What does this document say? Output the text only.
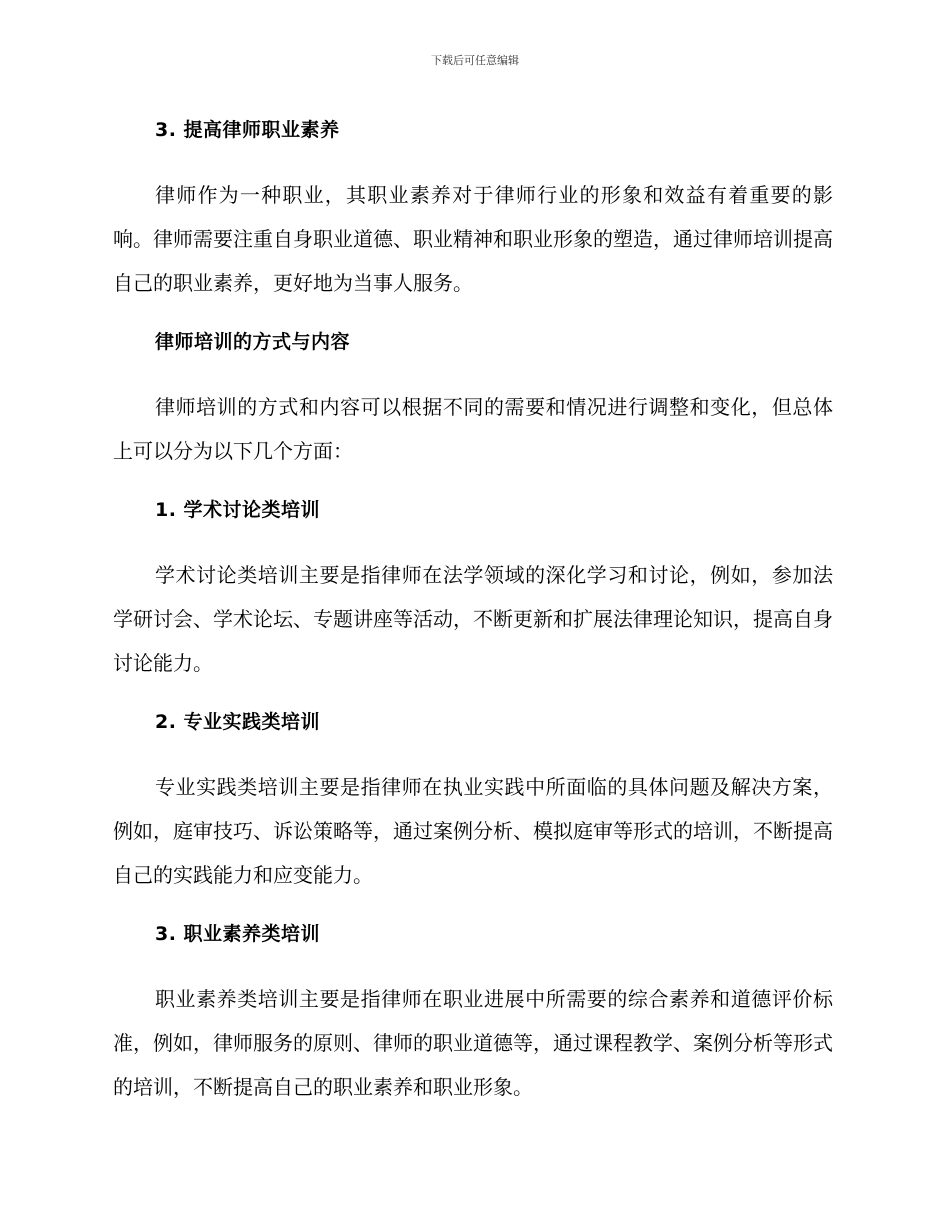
下载后可任意编辑
3. 提高律师职业素养

律师作为一种职业，其职业素养对于律师行业的形象和效益有着重要的影响。律师需要注重自身职业道德、职业精神和职业形象的塑造，通过律师培训提高自己的职业素养，更好地为当事人服务。

律师培训的方式与内容

律师培训的方式和内容可以根据不同的需要和情况进行调整和变化，但总体上可以分为以下几个方面：

1. 学术讨论类培训

学术讨论类培训主要是指律师在法学领域的深化学习和讨论，例如，参加法学研讨会、学术论坛、专题讲座等活动，不断更新和扩展法律理论知识，提高自身讨论能力。

2. 专业实践类培训

专业实践类培训主要是指律师在执业实践中所面临的具体问题及解决方案，例如，庭审技巧、诉讼策略等，通过案例分析、模拟庭审等形式的培训，不断提高自己的实践能力和应变能力。

3. 职业素养类培训

职业素养类培训主要是指律师在职业进展中所需要的综合素养和道德评价标准，例如，律师服务的原则、律师的职业道德等，通过课程教学、案例分析等形式的培训，不断提高自己的职业素养和职业形象。
